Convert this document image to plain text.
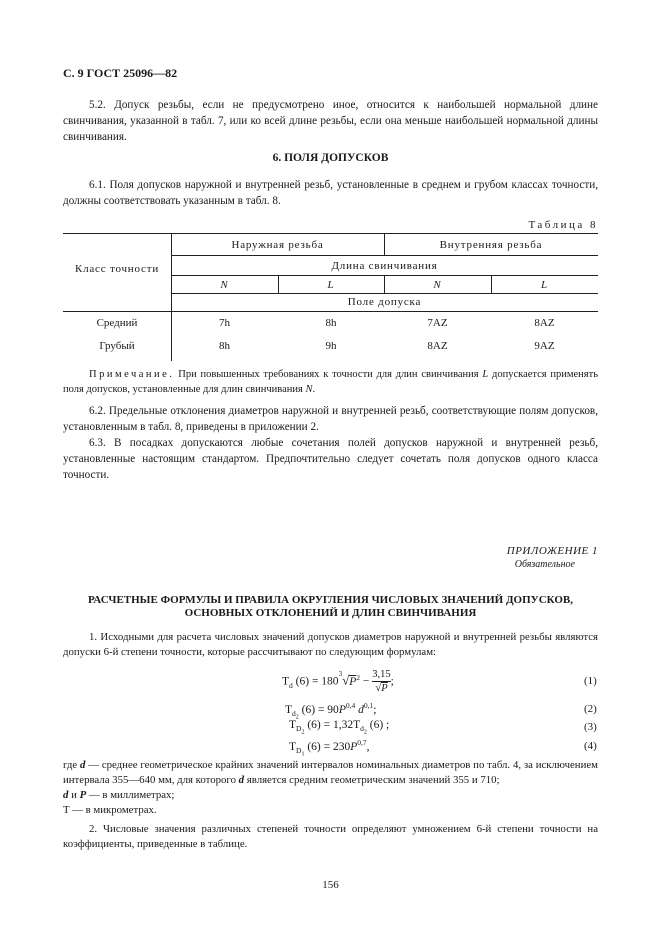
С. 9 ГОСТ 25096—82
5.2. Допуск резьбы, если не предусмотрено иное, относится к наибольшей нормальной длине свинчивания, указанной в табл. 7, или ко всей длине резьбы, если она меньше наибольшей нормальной длины свинчивания.
6. ПОЛЯ ДОПУСКОВ
6.1. Поля допусков наружной и внутренней резьб, установленные в среднем и грубом классах точности, должны соответствовать указанным в табл. 8.
Таблица 8
Класс точности
Наружная резьба	Внутренняя резьба
Длина свинчивания
N	L	N	L
Поле допуска
Средний	7h	8h	7AZ	8AZ
Грубый	8h	9h	8AZ	9AZ
Примечание. При повышенных требованиях к точности для длин свинчивания L допускается применять поля допусков, установленные для длин свинчивания N.
6.2. Предельные отклонения диаметров наружной и внутренней резьб, соответствующие полям допусков, установленным в табл. 8, приведены в приложении 2.
6.3. В посадках допускаются любые сочетания полей допусков наружной и внутренней резьб, установленные настоящим стандартом. Предпочтительно следует сочетать поля допусков одного класса точности.
ПРИЛОЖЕНИЕ 1
Обязательное
РАСЧЕТНЫЕ ФОРМУЛЫ И ПРАВИЛА ОКРУГЛЕНИЯ ЧИСЛОВЫХ ЗНАЧЕНИЙ ДОПУСКОВ,
ОСНОВНЫХ ОТКЛОНЕНИЙ И ДЛИН СВИНЧИВАНИЯ
1. Исходными для расчета числовых значений допусков диаметров наружной и внутренней резьбы являются допуски 6-й степени точности, которые рассчитывают по следующим формулам:
$T_d$ $(6) = 180^3√P^2 - \frac{3,15}{√P}$ ;	(1)
$T_{d_2}$ $(6) = 90P^{0,4}$ $d^{0,1}$;	(2)
$T_{D_2}$ $(6) = 1,32T_{d_2}$ (6) ;	(3)
$T_{D_1}$ $(6) = 230P^{0,7}$,	(4)
где d — среднее геометрическое крайних значений интервалов номинальных диаметров по табл. 4, за исключением интервала 355—640 мм, для которого d является средним геометрическим значений 355 и 710;
d и P — в миллиметрах;
T — в микрометрах.
2. Числовые значения различных степеней точности определяют умножением 6-й степени точности на коэффициенты, приведенные в таблице.
156
